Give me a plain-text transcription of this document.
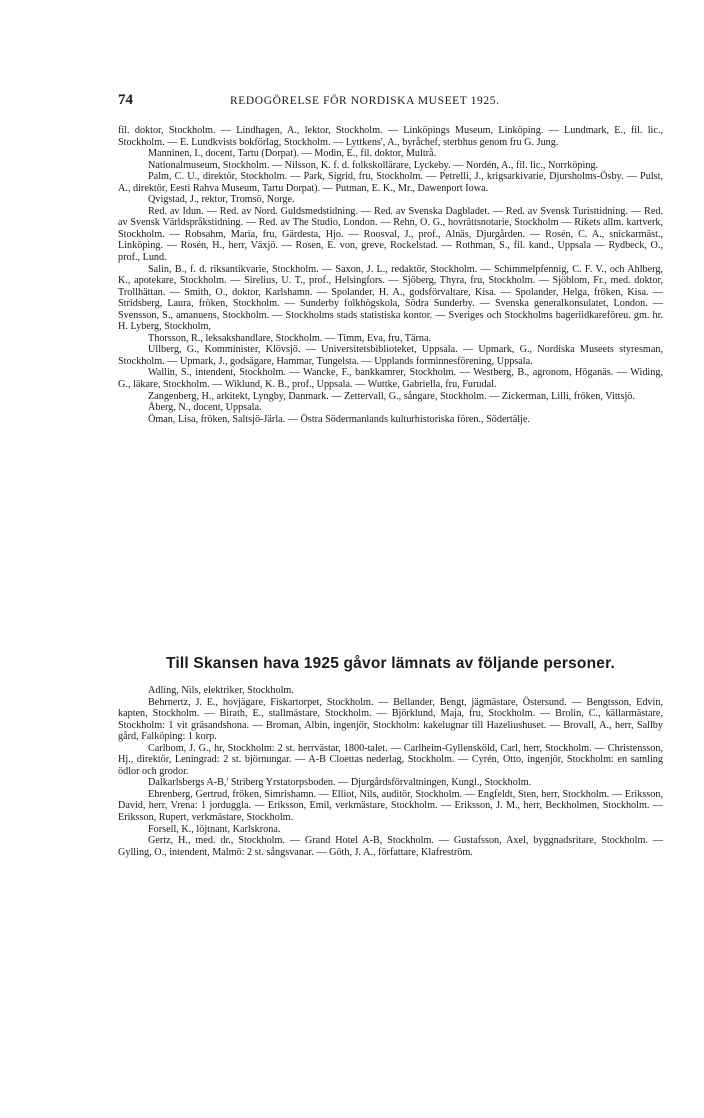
74	REDOGÖRELSE FÖR NORDISKA MUSEET 1925.

fil. doktor, Stockholm. — Lindhagen, A., lektor, Stockholm. — Linköpings Museum, Linköping. — Lundmark, E., fil. lic., Stockholm. — E. Lundkvists bokförlag, Stockholm. — Lyttkens', A., byråchef, sterbhus genom fru G. Jung.

Manninen, I., docent, Tartu (Dorpat). — Modin, E., fil. doktor, Multrå.

Nationalmuseum, Stockholm. — Nilsson, K. f. d. folkskollärare, Lyckeby. — Nordén, A., fil. lic., Norrköping.

Palm, C. U., direktör, Stockholm. — Park, Sigrid, fru, Stockholm. — Petrelli, J., krigsarkivarie, Djursholms-Ösby. — Pulst, A., direktör, Eesti Rahva Museum, Tartu Dorpat). — Putman, E. K., Mr., Dawenport Iowa.

Qvigstad, J., rektor, Tromsö, Norge.

Red. av Idun. — Red. av Nord. Guldsmedstidning. — Red. av Svenska Dagbladet. — Red. av Svensk Turisttidning. — Red. av Svensk Världspråkstidning. — Red. av The Studio, London. — Rehn, O. G., hovrättsnotarie, Stockholm — Rikets allm. kartverk, Stockholm. — Robsahm, Maria, fru, Gärdesta, Hjo. — Roosval, J., prof., Alnäs, Djurgården. — Rosén, C. A., snickarmäst., Linköping. — Rosén, H., herr, Växjö. — Rosen, E. von, greve, Rockelstad. — Rothman, S., fil. kand., Uppsala — Rydbeck, O., prof., Lund.

Salin, B., f. d. riksantikvarie, Stockholm. — Saxon, J. L., redaktör, Stockholm. — Schimmelpfennig, C. F. V., och Ahlberg, K., apotekare, Stockholm. — Sirelius, U. T., prof., Helsingfors. — Sjöberg, Thyra, fru, Stockholm. — Sjöblom, Fr., med. doktor, Trollhättan. — Smith, O., doktor, Karlshamn. — Spolander, H. A., godsförvaltare, Kisa. — Spolander, Helga, fröken, Kisa. — Stridsberg, Laura, fröken, Stockholm. — Sunderby folkhögskola, Södra Sunderby. — Svenska generalkonsulatet, London. — Svensson, S., amanuens, Stockholm. — Stockholms stads statistiska kontor. — Sveriges och Stockholms bageriidkareföreu. gm. hr. H. Lyberg, Stockholm,

Thorsson, R., leksakshandlare, Stockholm. — Timm, Eva, fru, Tärna.

Ullberg, G., Komminister, Klövsjö. — Universitetsbiblioteket, Uppsala. — Upmark, G., Nordiska Museets styresman, Stockholm. — Upmark, J., godsägare, Hammar, Tungelsta. — Upplands forminnesförening, Uppsala.

Wallin, S., intendent, Stockholm. — Wancke, F., bankkamrer, Stockholm. — Westberg, B., agronom, Höganäs. — Widing, G., läkare, Stockholm. — Wiklund, K. B., prof., Uppsala. — Wuttke, Gabriella, fru, Furudal.

Zangenberg, H., arkitekt, Lyngby, Danmark. — Zettervall, G., sångare, Stockholm. — Zickerman, Lilli, fröken, Vittsjö.

Åberg, N., docent, Uppsala.

Öman, Lisa, fröken, Saltsjö-Järla. — Östra Södermanlands kulturhistoriska fören., Södertälje.

Till Skansen hava 1925 gåvor lämnats av följande personer.

Adling, Nils, elektriker, Stockholm.

Behrnertz, J. E., hovjägare, Fiskartorpet, Stockholm. — Bellander, Bengt, jägmästare, Östersund. — Bengtsson, Edvin, kapten, Stockholm. — Birath, E., stallmästare, Stockholm. — Björklund, Maja, fru, Stockholm. — Brolin, C., källarmästare, Stockholm: 1 vit gräsandshona. — Broman, Albin, ingenjör, Stockholm: kakelugnar till Hazeliushuset. — Brovall, A., herr, Sallby gård, Falköping: 1 korp.

Carlbom, J. G., hr, Stockholm: 2 st. herrvästar, 1800-talet. — Carlheim-Gyllensköld, Carl, herr, Stockholm. — Christensson, Hj., direktör, Leningrad: 2 st. björnungar. — A-B Cloettas nederlag, Stockholm. — Cyrén, Otto, ingenjör, Stockholm: en samling ödlor och grodor.

Dalkarlsbergs A-B,' Striberg Yrstatorpsboden. — Djurgårdsförvaltningen, Kungl., Stockholm.

Ehrenberg, Gertrud, fröken, Simrishamn. — Elliot, Nils, auditör, Stockholm. — Engfeldt, Sten, herr, Stockholm. — Eriksson, David, herr, Vrena: 1 jorduggla. — Eriksson, Emil, verkmästare, Stockholm. — Eriksson, J. M., herr, Beckholmen, Stockholm. — Eriksson, Rupert, verkmästare, Stockholm.

Forsell, K., löjtnant, Karlskrona.

Gertz, H., med. dr., Stockholm. — Grand Hotel A-B, Stockholm. — Gustafsson, Axel, byggnadsritare, Stockholm. — Gylling, O., intendent, Malmö: 2 st. sångsvanar. — Göth, J. A., författare, Klafreström.
